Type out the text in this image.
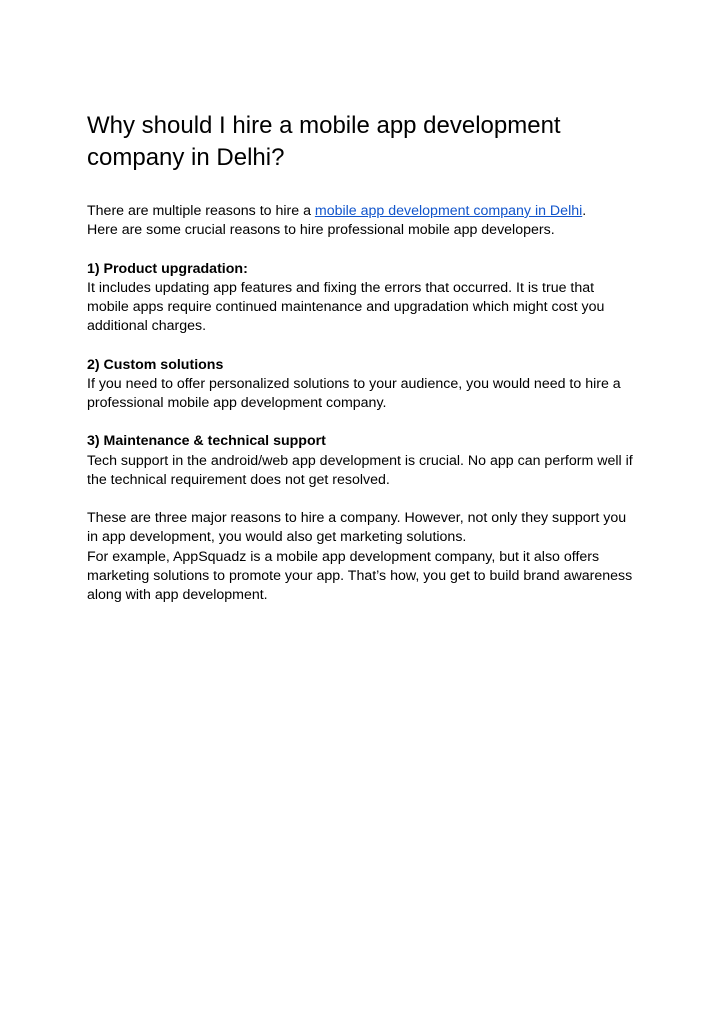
Why should I hire a mobile app development company in Delhi?

There are multiple reasons to hire a mobile app development company in Delhi.

Here are some crucial reasons to hire professional mobile app developers.

1) Product upgradation:

It includes updating app features and fixing the errors that occurred. It is true that mobile apps require continued maintenance and upgradation which might cost you additional charges.

2) Custom solutions

If you need to offer personalized solutions to your audience, you would need to hire a professional mobile app development company.

3) Maintenance & technical support

Tech support in the android/web app development is crucial. No app can perform well if the technical requirement does not get resolved.

These are three major reasons to hire a company. However, not only they support you in app development, you would also get marketing solutions.

For example, AppSquadz is a mobile app development company, but it also offers marketing solutions to promote your app. That’s how, you get to build brand awareness along with app development.
